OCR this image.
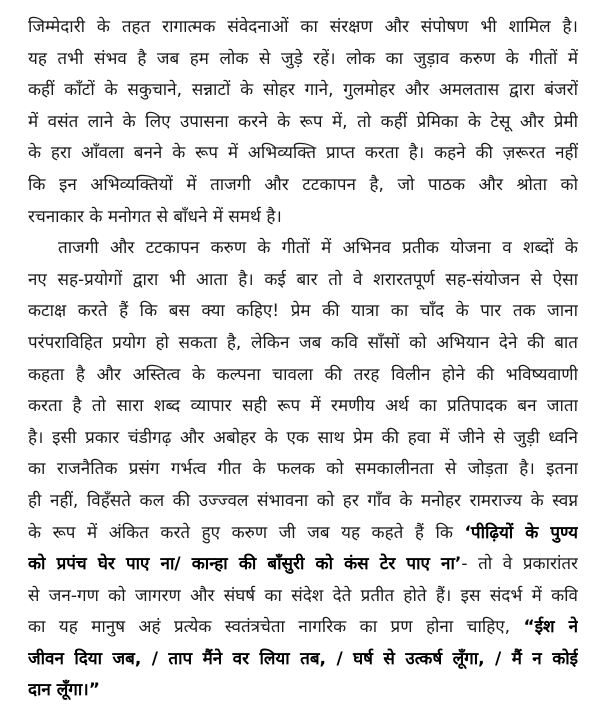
जिम्मेदारी के तहत रागात्मक संवेदनाओं का संरक्षण और संपोषण भी शामिल है।
यह तभी संभव है जब हम लोक से जुड़े रहें। लोक का जुड़ाव करुण के गीतों में
कहीं काँटों के सकुचाने, सन्नाटों के सोहर गाने, गुलमोहर और अमलतास द्वारा बंजरों
में वसंत लाने के लिए उपासना करने के रूप में, तो कहीं प्रेमिका के टेसू और प्रेमी
के हरा आँवला बनने के रूप में अभिव्यक्ति प्राप्त करता है। कहने की ज़रूरत नहीं
कि इन अभिव्यक्तियों में ताजगी और टटकापन है, जो पाठक और श्रोता को
रचनाकार के मनोगत से बाँधने में समर्थ है।
ताजगी और टटकापन करुण के गीतों में अभिनव प्रतीक योजना व शब्दों के
नए सह-प्रयोगों द्वारा भी आता है। कई बार तो वे शरारतपूर्ण सह-संयोजन से ऐसा
कटाक्ष करते हैं कि बस क्या कहिए! प्रेम की यात्रा का चाँद के पार तक जाना
परंपराविहित प्रयोग हो सकता है, लेकिन जब कवि साँसों को अभियान देने की बात
कहता है और अस्तित्व के कल्पना चावला की तरह विलीन होने की भविष्यवाणी
करता है तो सारा शब्द व्यापार सही रूप में रमणीय अर्थ का प्रतिपादक बन जाता
है। इसी प्रकार चंडीगढ़ और अबोहर के एक साथ प्रेम की हवा में जीने से जुड़ी ध्वनि
का राजनैतिक प्रसंग गर्भत्व गीत के फलक को समकालीनता से जोड़ता है। इतना
ही नहीं, विहँसते कल की उज्ज्वल संभावना को हर गाँव के मनोहर रामराज्य के स्वप्न
के रूप में अंकित करते हुए करुण जी जब यह कहते हैं कि ‘पीढ़ियों के पुण्य
को प्रपंच घेर पाए ना/ कान्हा की बाँसुरी को कंस टेर पाए ना’- तो वे प्रकारांतर
से जन-गण को जागरण और संघर्ष का संदेश देते प्रतीत होते हैं। इस संदर्भ में कवि
का यह मानुष अहं प्रत्येक स्वतंत्रचेता नागरिक का प्रण होना चाहिए, “ईश ने
जीवन दिया जब, / ताप मैंने वर लिया तब, / घर्ष से उत्कर्ष लूँगा, / मैं न कोई
दान लूँगा।”
